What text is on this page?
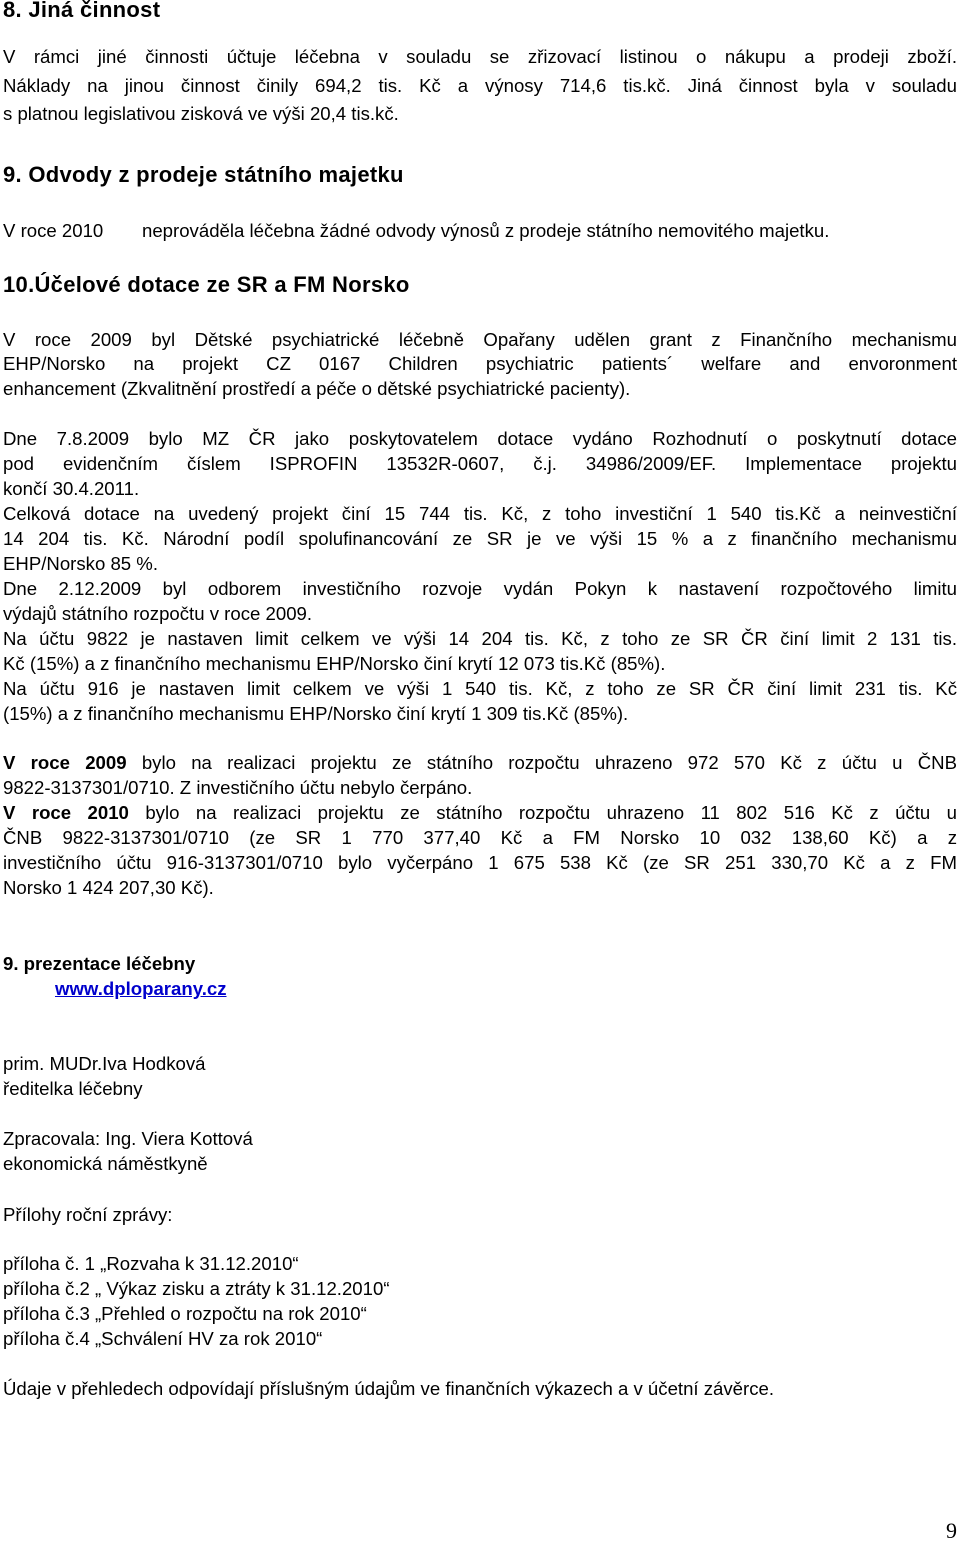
8. Jiná činnost
V rámci jiné činnosti účtuje léčebna v souladu se zřizovací listinou o nákupu a prodeji zboží.
Náklady na jinou činnost činily 694,2 tis. Kč a výnosy 714,6 tis.kč. Jiná činnost byla v souladu
s platnou legislativou zisková ve výši 20,4 tis.kč.
9. Odvody z prodeje státního majetku
V roce 2010 neprováděla léčebna žádné odvody výnosů z prodeje státního nemovitého majetku.
10.Účelové dotace ze SR a FM Norsko
V roce 2009 byl Dětské psychiatrické léčebně Opařany udělen grant z Finančního mechanismu
EHP/Norsko na projekt CZ 0167 Children psychiatric patients´ welfare and envoronment
enhancement (Zkvalitnění prostředí a péče o dětské psychiatrické pacienty).
Dne 7.8.2009 bylo MZ ČR jako poskytovatelem dotace vydáno Rozhodnutí o poskytnutí dotace
pod evidenčním číslem ISPROFIN 13532R-0607, č.j. 34986/2009/EF. Implementace projektu
končí 30.4.2011.
Celková dotace na uvedený projekt činí 15 744 tis. Kč, z toho investiční 1 540 tis.Kč a neinvestiční
14 204 tis. Kč. Národní podíl spolufinancování ze SR je ve výši 15 % a z finančního mechanismu
EHP/Norsko 85 %.
Dne 2.12.2009 byl odborem investičního rozvoje vydán Pokyn k nastavení rozpočtového limitu
výdajů státního rozpočtu v roce 2009.
Na účtu 9822 je nastaven limit celkem ve výši 14 204 tis. Kč, z toho ze SR ČR činí limit 2 131 tis.
Kč (15%) a z finančního mechanismu EHP/Norsko činí krytí 12 073 tis.Kč (85%).
Na účtu 916 je nastaven limit celkem ve výši 1 540 tis. Kč, z toho ze SR ČR činí limit 231 tis. Kč
(15%) a z finančního mechanismu EHP/Norsko činí krytí 1 309 tis.Kč (85%).
V roce 2009 bylo na realizaci projektu ze státního rozpočtu uhrazeno 972 570 Kč z účtu u ČNB
9822-3137301/0710. Z investičního účtu nebylo čerpáno.
V roce 2010 bylo na realizaci projektu ze státního rozpočtu uhrazeno 11 802 516 Kč z účtu u
ČNB 9822-3137301/0710 (ze SR 1 770 377,40 Kč a FM Norsko 10 032 138,60 Kč) a z
investičního účtu 916-3137301/0710 bylo vyčerpáno 1 675 538 Kč (ze SR 251 330,70 Kč a z FM
Norsko 1 424 207,30 Kč).
9. prezentace léčebny
www.dploparany.cz
prim. MUDr.Iva Hodková
ředitelka léčebny
Zpracovala: Ing. Viera Kottová
ekonomická náměstkyně
Přílohy roční zprávy:
příloha č. 1 „Rozvaha k 31.12.2010“
příloha č.2 „ Výkaz zisku a ztráty k 31.12.2010“
příloha č.3 „Přehled o rozpočtu na rok 2010“
příloha č.4 „Schválení HV za rok 2010“
Údaje v přehledech odpovídají příslušným údajům ve finančních výkazech a v účetní závěrce.
9
